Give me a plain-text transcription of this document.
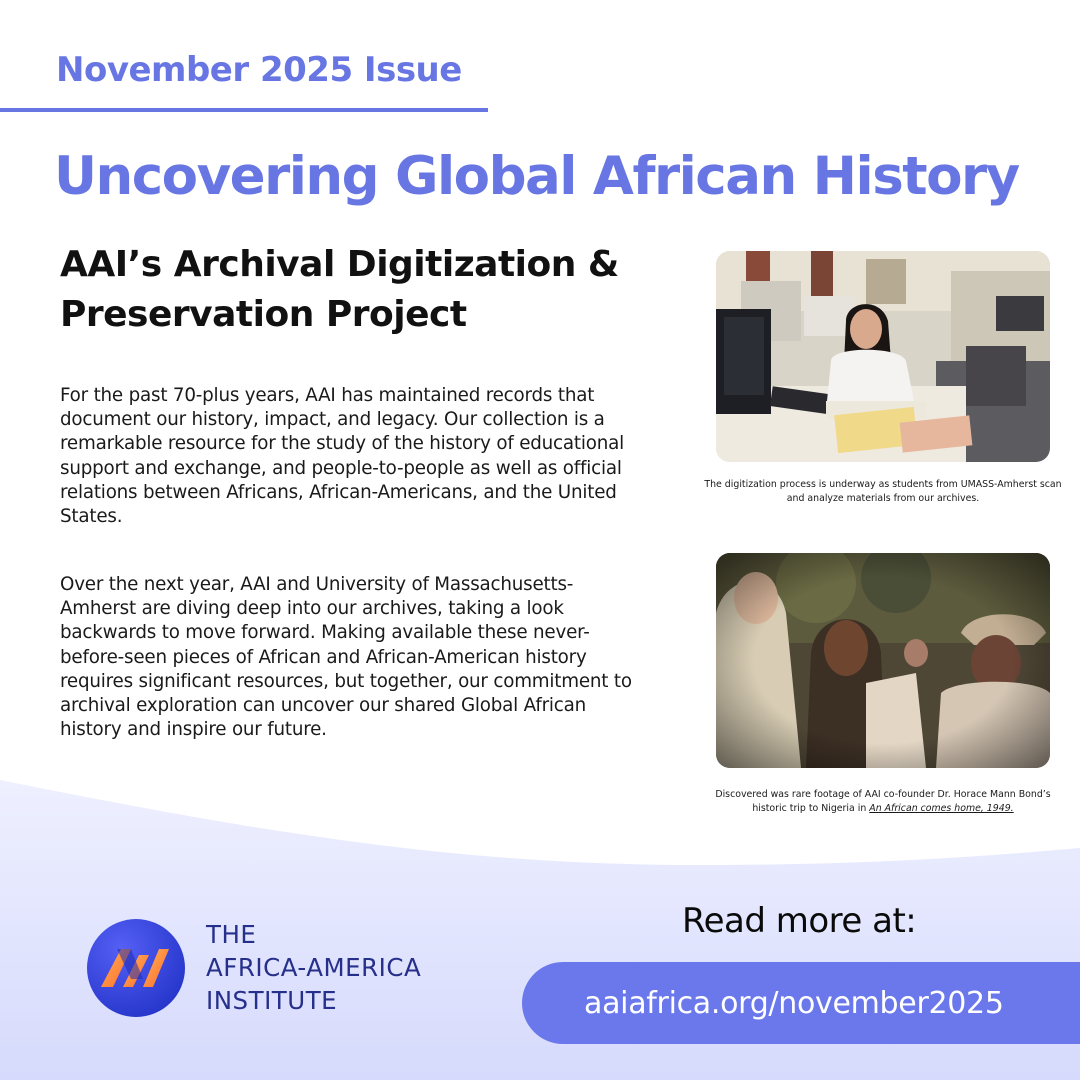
November 2025 Issue
Uncovering Global African History
AAI’s Archival Digitization & Preservation Project

For the past 70-plus years, AAI has maintained records that document our history, impact, and legacy. Our collection is a remarkable resource for the study of the history of educational support and exchange, and people-to-people as well as official relations between Africans, African-Americans, and the United States.

Over the next year, AAI and University of Massachusetts-Amherst are diving deep into our archives, taking a look backwards to move forward. Making available these never-before-seen pieces of African and African-American history requires significant resources, but together, our commitment to archival exploration can uncover our shared Global African history and inspire our future.

The digitization process is underway as students from UMASS-Amherst scan and analyze materials from our archives.
Discovered was rare footage of AAI co-founder Dr. Horace Mann Bond’s historic trip to Nigeria in An African comes home, 1949.
THE
AFRICA-AMERICA
INSTITUTE
Read more at:
aaiafrica.org/november2025
